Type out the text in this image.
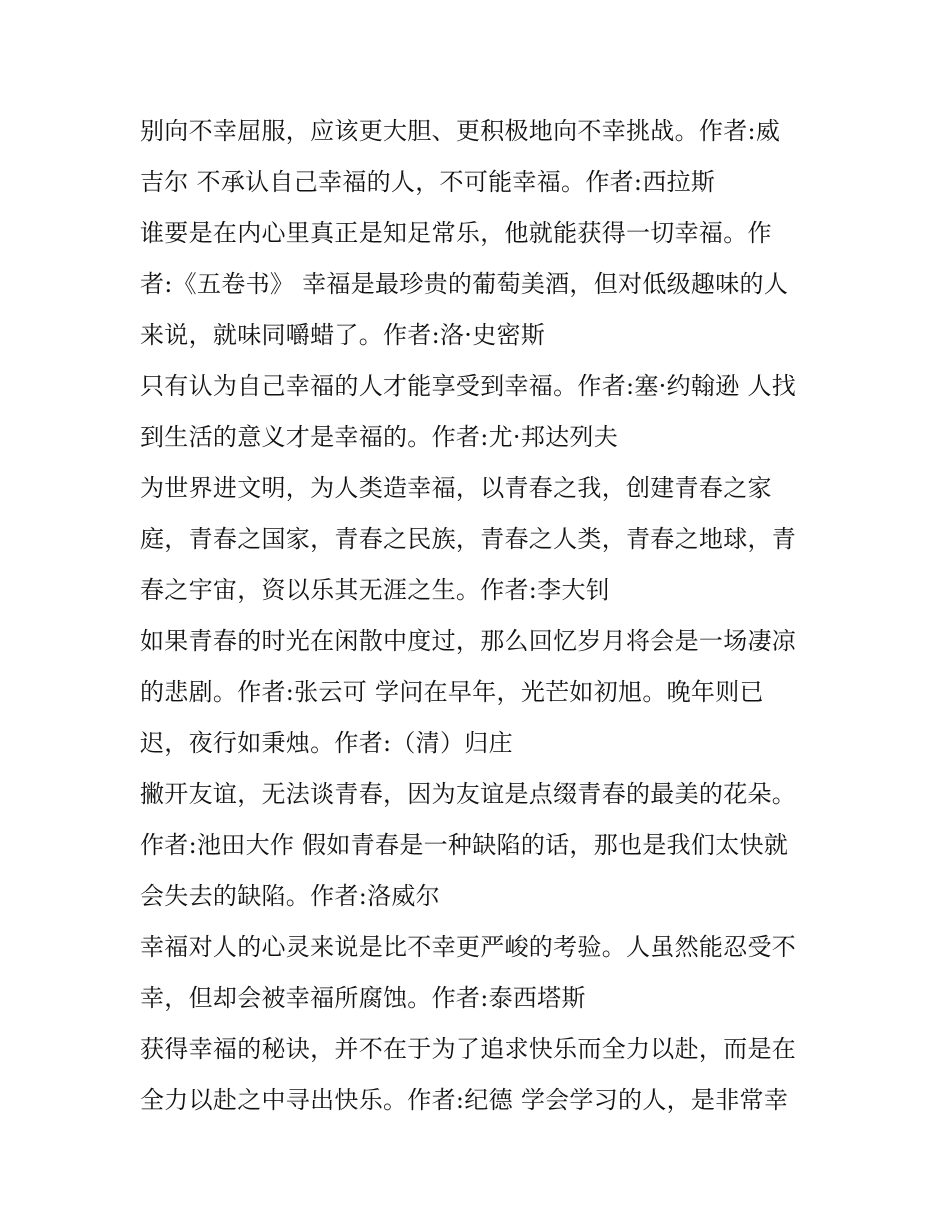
别向不幸屈服，应该更大胆、更积极地向不幸挑战。作者:威
吉尔 不承认自己幸福的人，不可能幸福。作者:西拉斯
谁要是在内心里真正是知足常乐，他就能获得一切幸福。作
者:《五卷书》 幸福是最珍贵的葡萄美酒，但对低级趣味的人
来说，就味同嚼蜡了。作者:洛·史密斯
只有认为自己幸福的人才能享受到幸福。作者:塞·约翰逊 人找
到生活的意义才是幸福的。作者:尤·邦达列夫
为世界进文明，为人类造幸福，以青春之我，创建青春之家
庭，青春之国家，青春之民族，青春之人类，青春之地球，青
春之宇宙，资以乐其无涯之生。作者:李大钊
如果青春的时光在闲散中度过，那么回忆岁月将会是一场凄凉
的悲剧。作者:张云可 学问在早年，光芒如初旭。晚年则已
迟，夜行如秉烛。作者:（清）归庄
撇开友谊，无法谈青春，因为友谊是点缀青春的最美的花朵。
作者:池田大作 假如青春是一种缺陷的话，那也是我们太快就
会失去的缺陷。作者:洛威尔
幸福对人的心灵来说是比不幸更严峻的考验。人虽然能忍受不
幸，但却会被幸福所腐蚀。作者:泰西塔斯
获得幸福的秘诀，并不在于为了追求快乐而全力以赴，而是在
全力以赴之中寻出快乐。作者:纪德 学会学习的人，是非常幸
